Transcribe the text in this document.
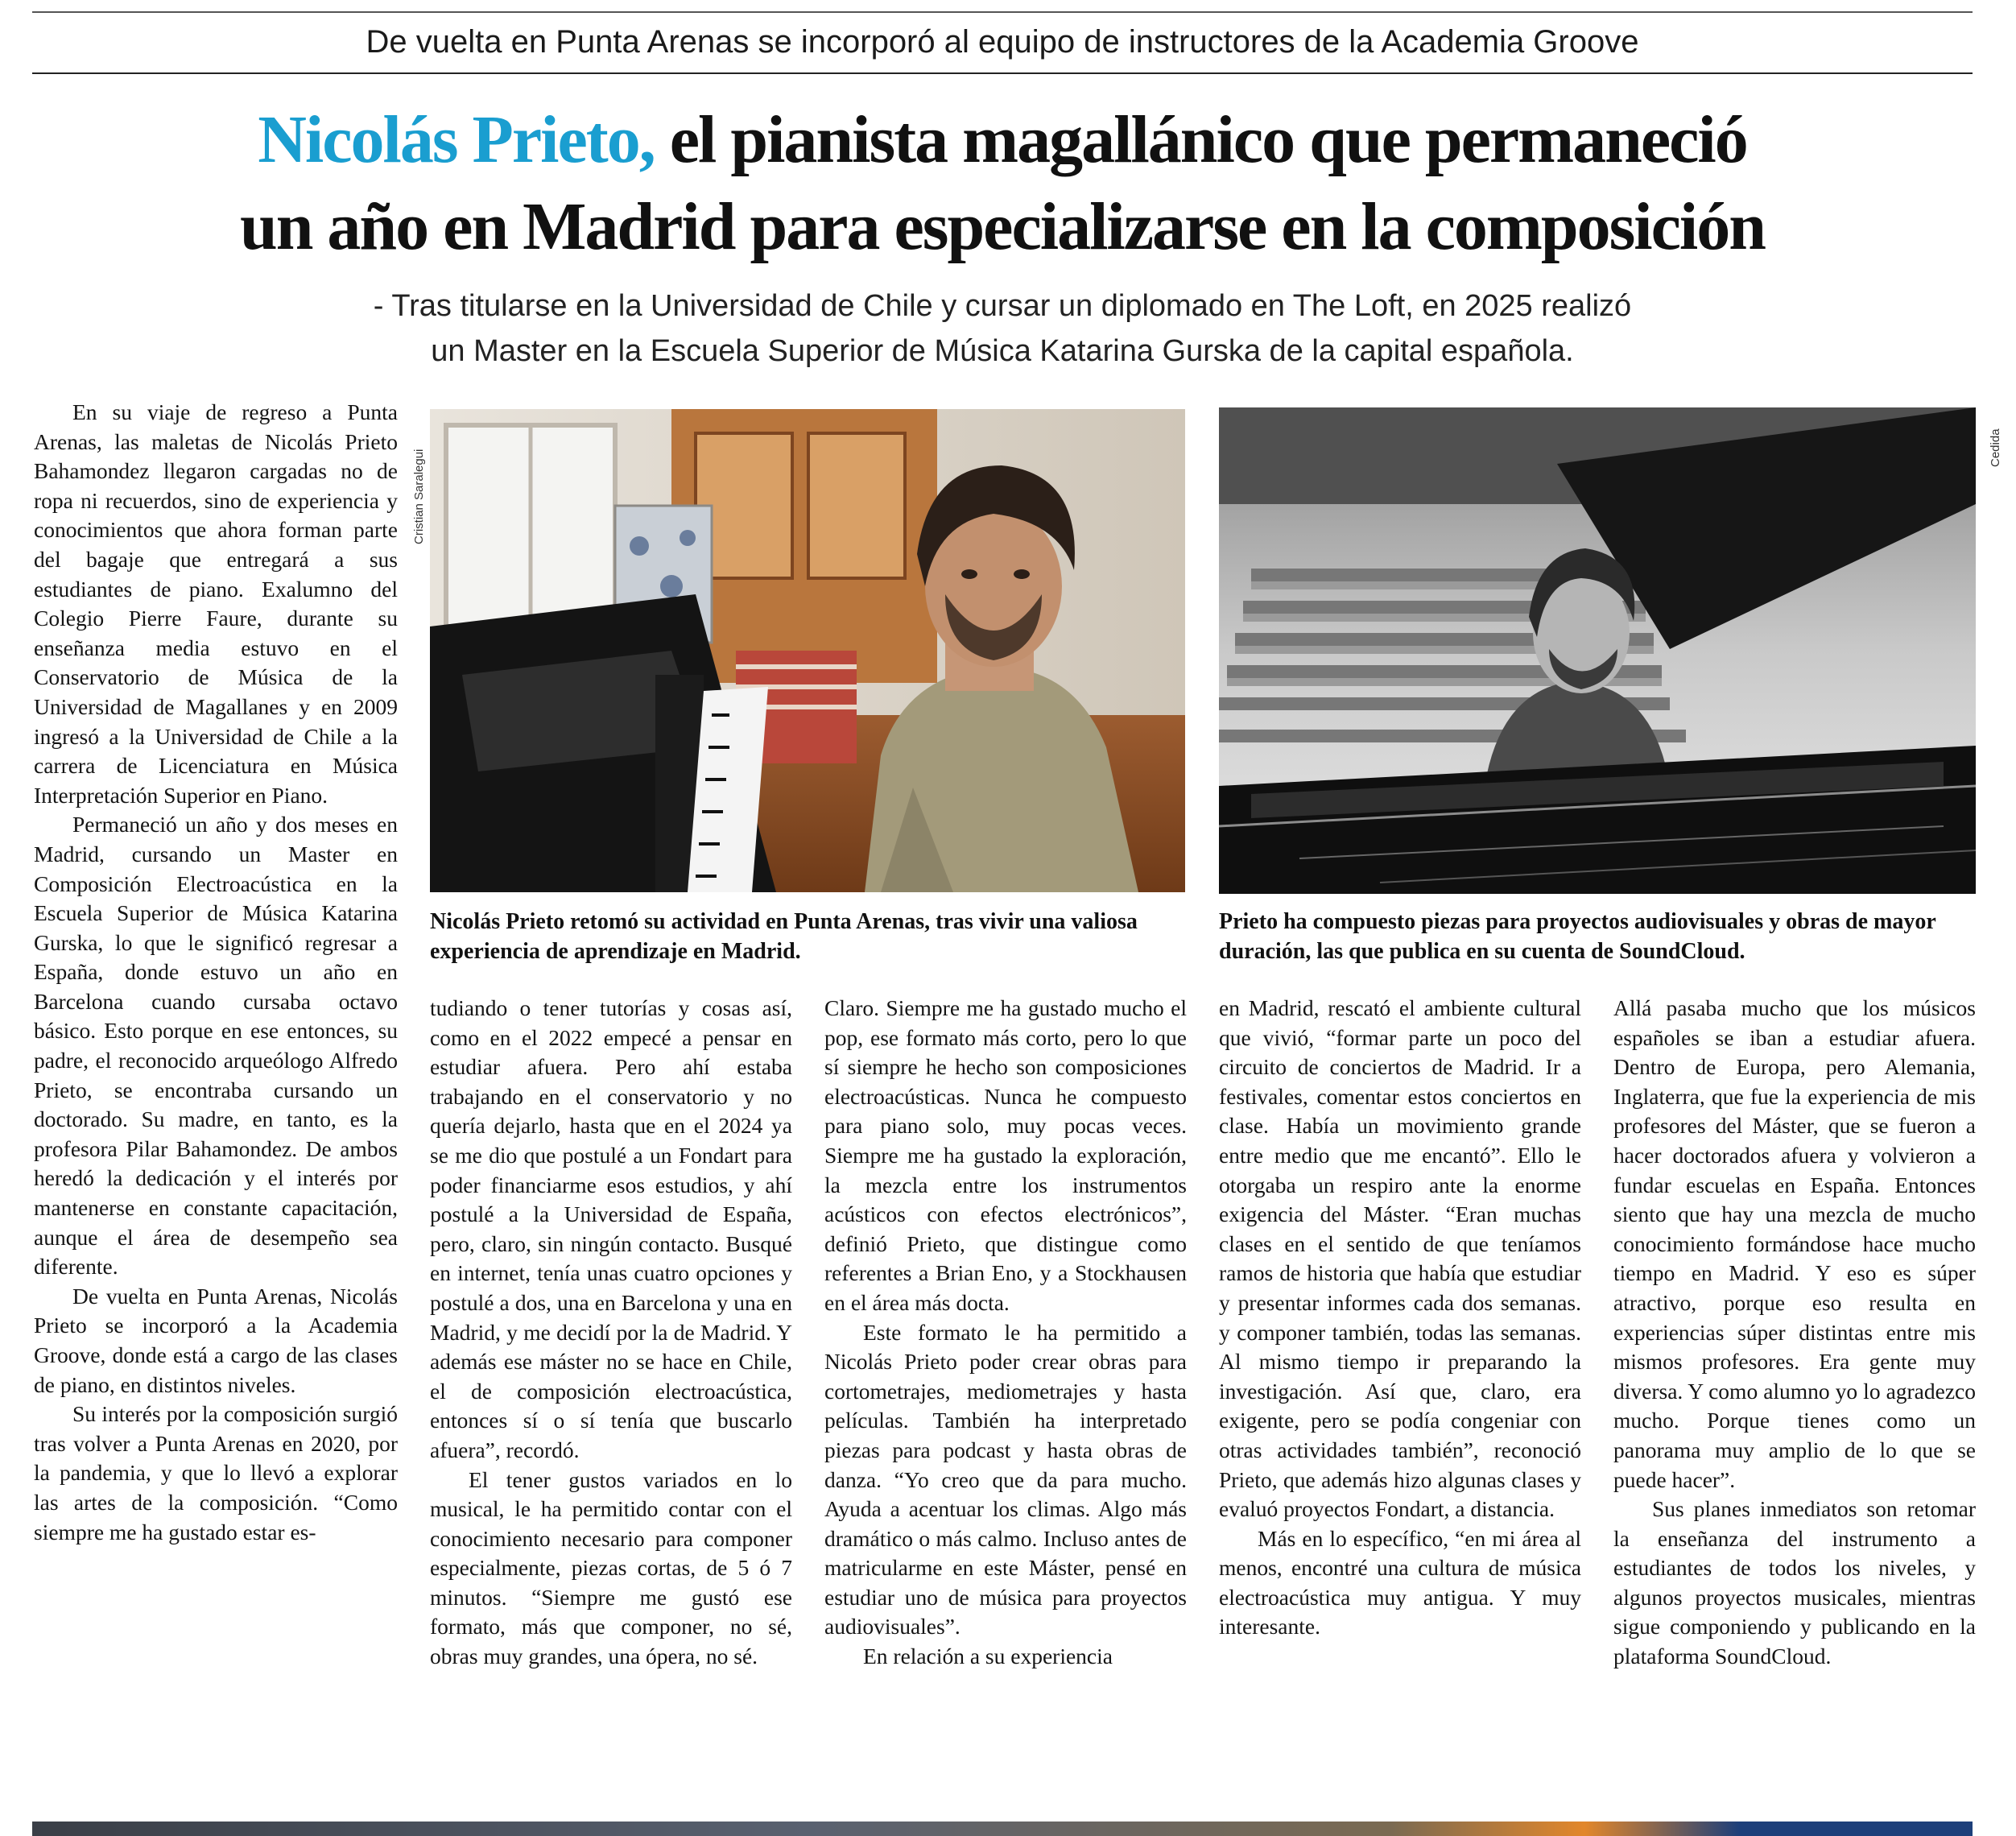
De vuelta en Punta Arenas se incorporó al equipo de instructores de la Academia Groove
Nicolás Prieto, el pianista magallánico que permaneció
un año en Madrid para especializarse en la composición
- Tras titularse en la Universidad de Chile y cursar un diplomado en The Loft, en 2025 realizó
un Master en la Escuela Superior de Música Katarina Gurska de la capital española.

En su viaje de regreso a Punta Arenas, las maletas de Nicolás Prieto Bahamondez llegaron cargadas no de ropa ni recuerdos, sino de experiencia y conocimientos que ahora forman parte del bagaje que entregará a sus estudiantes de piano. Exalumno del Colegio Pierre Faure, durante su enseñanza media estuvo en el Conservatorio de Música de la Universidad de Magallanes y en 2009 ingresó a la Universidad de Chile a la carrera de Licenciatura en Música Interpretación Superior en Piano.

Permaneció un año y dos meses en Madrid, cursando un Master en Composición Electroacústica en la Escuela Superior de Música Katarina Gurska, lo que le significó regresar a España, donde estuvo un año en Barcelona cuando cursaba octavo básico. Esto porque en ese entonces, su padre, el reconocido arqueólogo Alfredo Prieto, se encontraba cursando un doctorado. Su madre, en tanto, es la profesora Pilar Bahamondez. De ambos heredó la dedicación y el interés por mantenerse en constante capacitación, aunque el área de desempeño sea diferente.

De vuelta en Punta Arenas, Nicolás Prieto se incorporó a la Academia Groove, donde está a cargo de las clases de piano, en distintos niveles.

Su interés por la composición surgió tras volver a Punta Arenas en 2020, por la pandemia, y que lo llevó a explorar las artes de la composición. “Como siempre me ha gustado estar es-

Cristian Saralegui
Nicolás Prieto retomó su actividad en Punta Arenas, tras vivir una valiosa experiencia de aprendizaje en Madrid.
Cedida
Prieto ha compuesto piezas para proyectos audiovisuales y obras de mayor duración, las que publica en su cuenta de SoundCloud.

tudiando o tener tutorías y cosas así, como en el 2022 empecé a pensar en estudiar afuera. Pero ahí estaba trabajando en el conservatorio y no quería dejarlo, hasta que en el 2024 ya se me dio que postulé a un Fondart para poder financiarme esos estudios, y ahí postulé a la Universidad de España, pero, claro, sin ningún contacto. Busqué en internet, tenía unas cuatro opciones y postulé a dos, una en Barcelona y una en Madrid, y me decidí por la de Madrid. Y además ese máster no se hace en Chile, el de composición electroacústica, entonces sí o sí tenía que buscarlo afuera”, recordó.

El tener gustos variados en lo musical, le ha permitido contar con el conocimiento necesario para componer especialmente, piezas cortas, de 5 ó 7 minutos. “Siempre me gustó ese formato, más que componer, no sé, obras muy grandes, una ópera, no sé.

Claro. Siempre me ha gustado mucho el pop, ese formato más corto, pero lo que sí siempre he hecho son composiciones electroacústicas. Nunca he compuesto para piano solo, muy pocas veces. Siempre me ha gustado la exploración, la mezcla entre los instrumentos acústicos con efectos electrónicos”, definió Prieto, que distingue como referentes a Brian Eno, y a Stockhausen en el área más docta.

Este formato le ha permitido a Nicolás Prieto poder crear obras para cortometrajes, mediometrajes y hasta películas. También ha interpretado piezas para podcast y hasta obras de danza. “Yo creo que da para mucho. Ayuda a acentuar los climas. Algo más dramático o más calmo. Incluso antes de matricularme en este Máster, pensé en estudiar uno de música para proyectos audiovisuales”.

En relación a su experiencia

en Madrid, rescató el ambiente cultural que vivió, “formar parte un poco del circuito de conciertos de Madrid. Ir a festivales, comentar estos conciertos en clase. Había un movimiento grande entre medio que me encantó”. Ello le otorgaba un respiro ante la enorme exigencia del Máster. “Eran muchas clases en el sentido de que teníamos ramos de historia que había que estudiar y presentar informes cada dos semanas. y componer también, todas las semanas. Al mismo tiempo ir preparando la investigación. Así que, claro, era exigente, pero se podía congeniar con otras actividades también”, reconoció Prieto, que además hizo algunas clases y evaluó proyectos Fondart, a distancia.

Más en lo específico, “en mi área al menos, encontré una cultura de música electroacústica muy antigua. Y muy interesante.

Allá pasaba mucho que los músicos españoles se iban a estudiar afuera. Dentro de Europa, pero Alemania, Inglaterra, que fue la experiencia de mis profesores del Máster, que se fueron a hacer doctorados afuera y volvieron a fundar escuelas en España. Entonces siento que hay una mezcla de mucho conocimiento formándose hace mucho tiempo en Madrid. Y eso es súper atractivo, porque eso resulta en experiencias súper distintas entre mis mismos profesores. Era gente muy diversa. Y como alumno yo lo agradezco mucho. Porque tienes como un panorama muy amplio de lo que se puede hacer”.

Sus planes inmediatos son retomar la enseñanza del instrumento a estudiantes de todos los niveles, y algunos proyectos musicales, mientras sigue componiendo y publicando en la plataforma SoundCloud.
